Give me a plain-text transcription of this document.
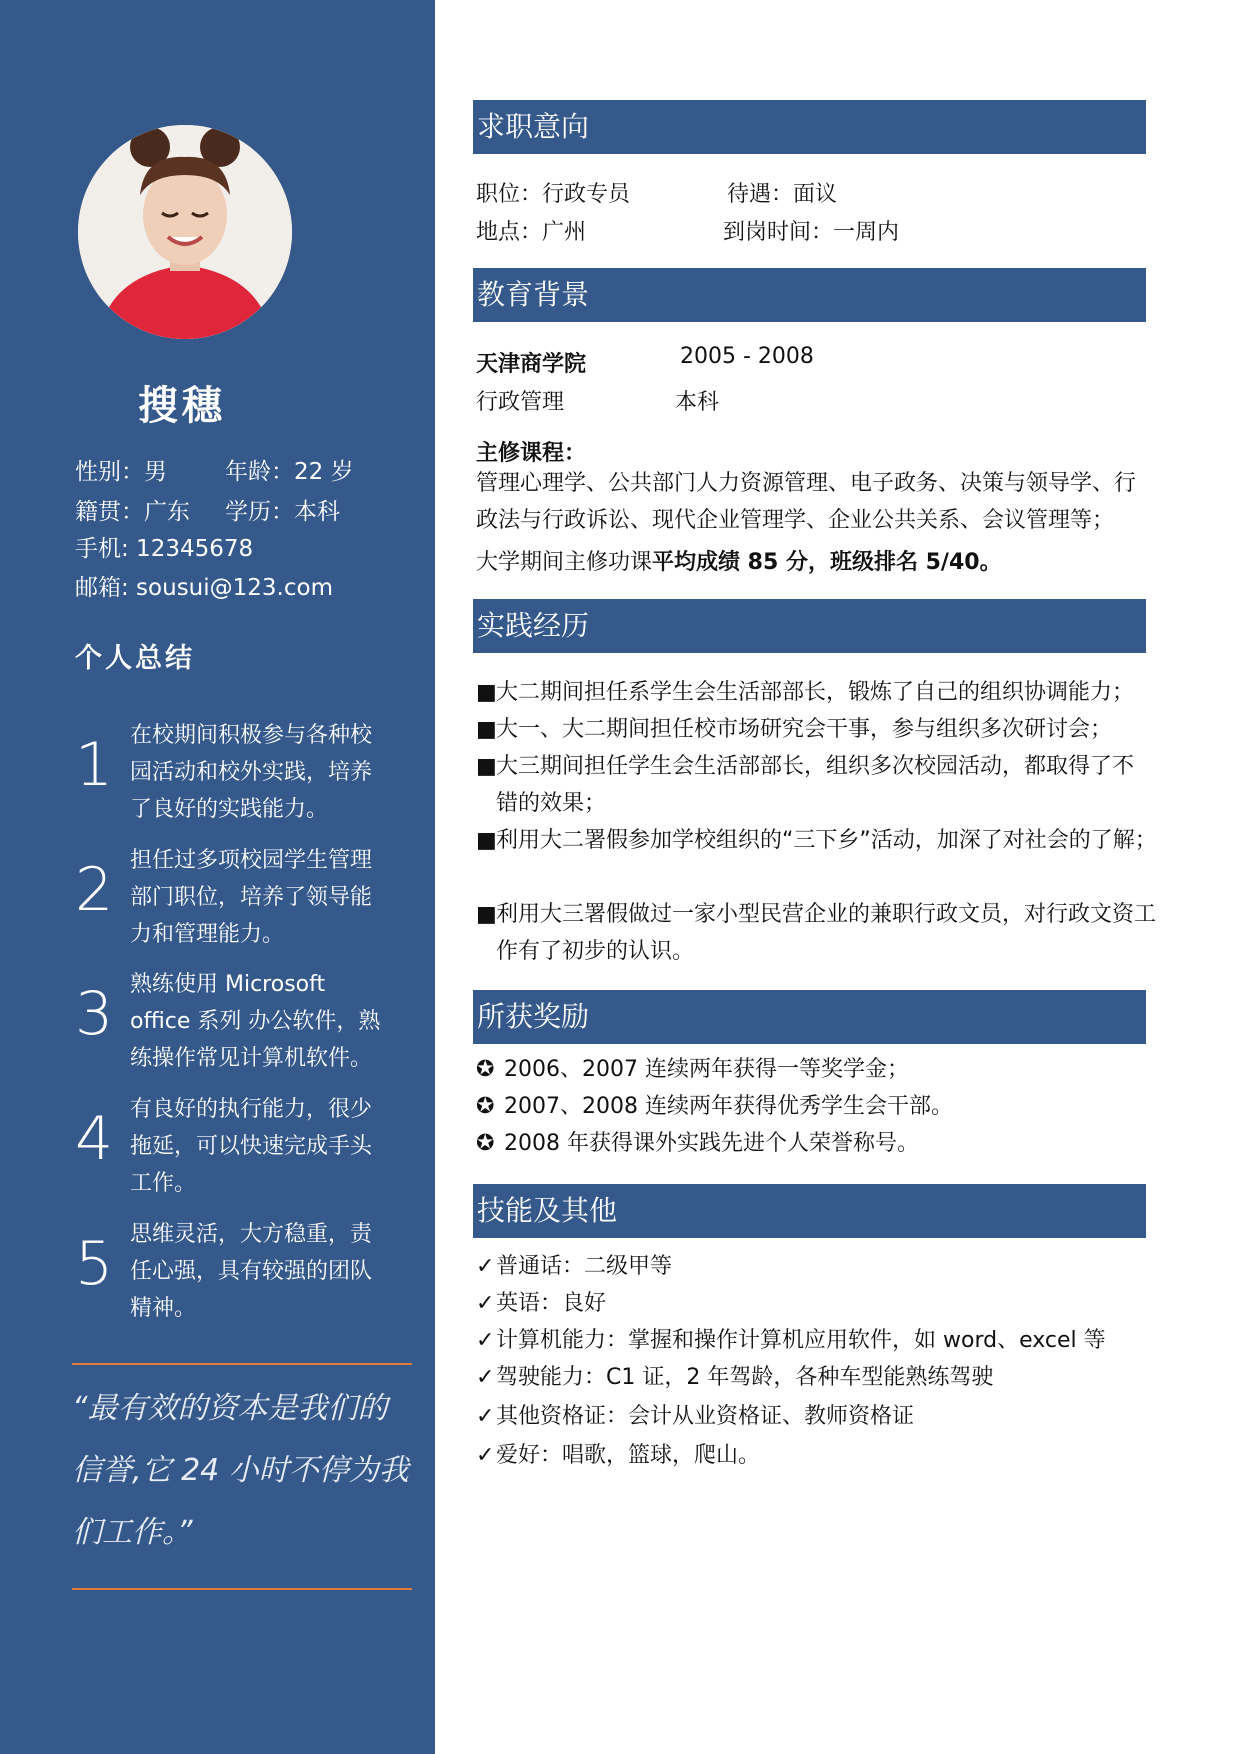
搜穗
性别：男	年龄：22 岁
籍贯：广东 学历：本科
手机: 12345678
邮箱: sousui@123.com
个人总结
1 在校期间积极参与各种校园活动和校外实践，培养了良好的实践能力。
2 担任过多项校园学生管理部门职位，培养了领导能力和管理能力。
3 熟练使用 Microsoft office 系列 办公软件，熟练操作常见计算机软件。
4 有良好的执行能力，很少拖延，可以快速完成手头工作。
5 思维灵活，大方稳重，责任心强，具有较强的团队精神。
“最有效的资本是我们的信誉,它 24 小时不停为我们工作。”
求职意向
职位：行政专员	待遇：面议
地点：广州	到岗时间：一周内
教育背景
天津商学院	2005 - 2008
行政管理	本科
主修课程：
管理心理学、公共部门人力资源管理、电子政务、决策与领导学、行政法与行政诉讼、现代企业管理学、企业公共关系、会议管理等；
大学期间主修功课平均成绩 85 分，班级排名 5/40。
实践经历
■ 大二期间担任系学生会生活部部长，锻炼了自己的组织协调能力；
■ 大一、大二期间担任校市场研究会干事，参与组织多次研讨会；
■ 大三期间担任学生会生活部部长，组织多次校园活动，都取得了不错的效果；
■ 利用大二署假参加学校组织的“三下乡”活动，加深了对社会的了解；
■ 利用大三署假做过一家小型民营企业的兼职行政文员，对行政文资工作有了初步的认识。
所获奖励
✪ 2006、2007 连续两年获得一等奖学金；
✪ 2007、2008 连续两年获得优秀学生会干部。
✪ 2008 年获得课外实践先进个人荣誉称号。
技能及其他
✓ 普通话：二级甲等
✓ 英语：良好
✓ 计算机能力：掌握和操作计算机应用软件，如 word、excel 等
✓ 驾驶能力：C1 证，2 年驾龄，各种车型能熟练驾驶
✓ 其他资格证：会计从业资格证、教师资格证
✓ 爱好：唱歌，篮球，爬山。
